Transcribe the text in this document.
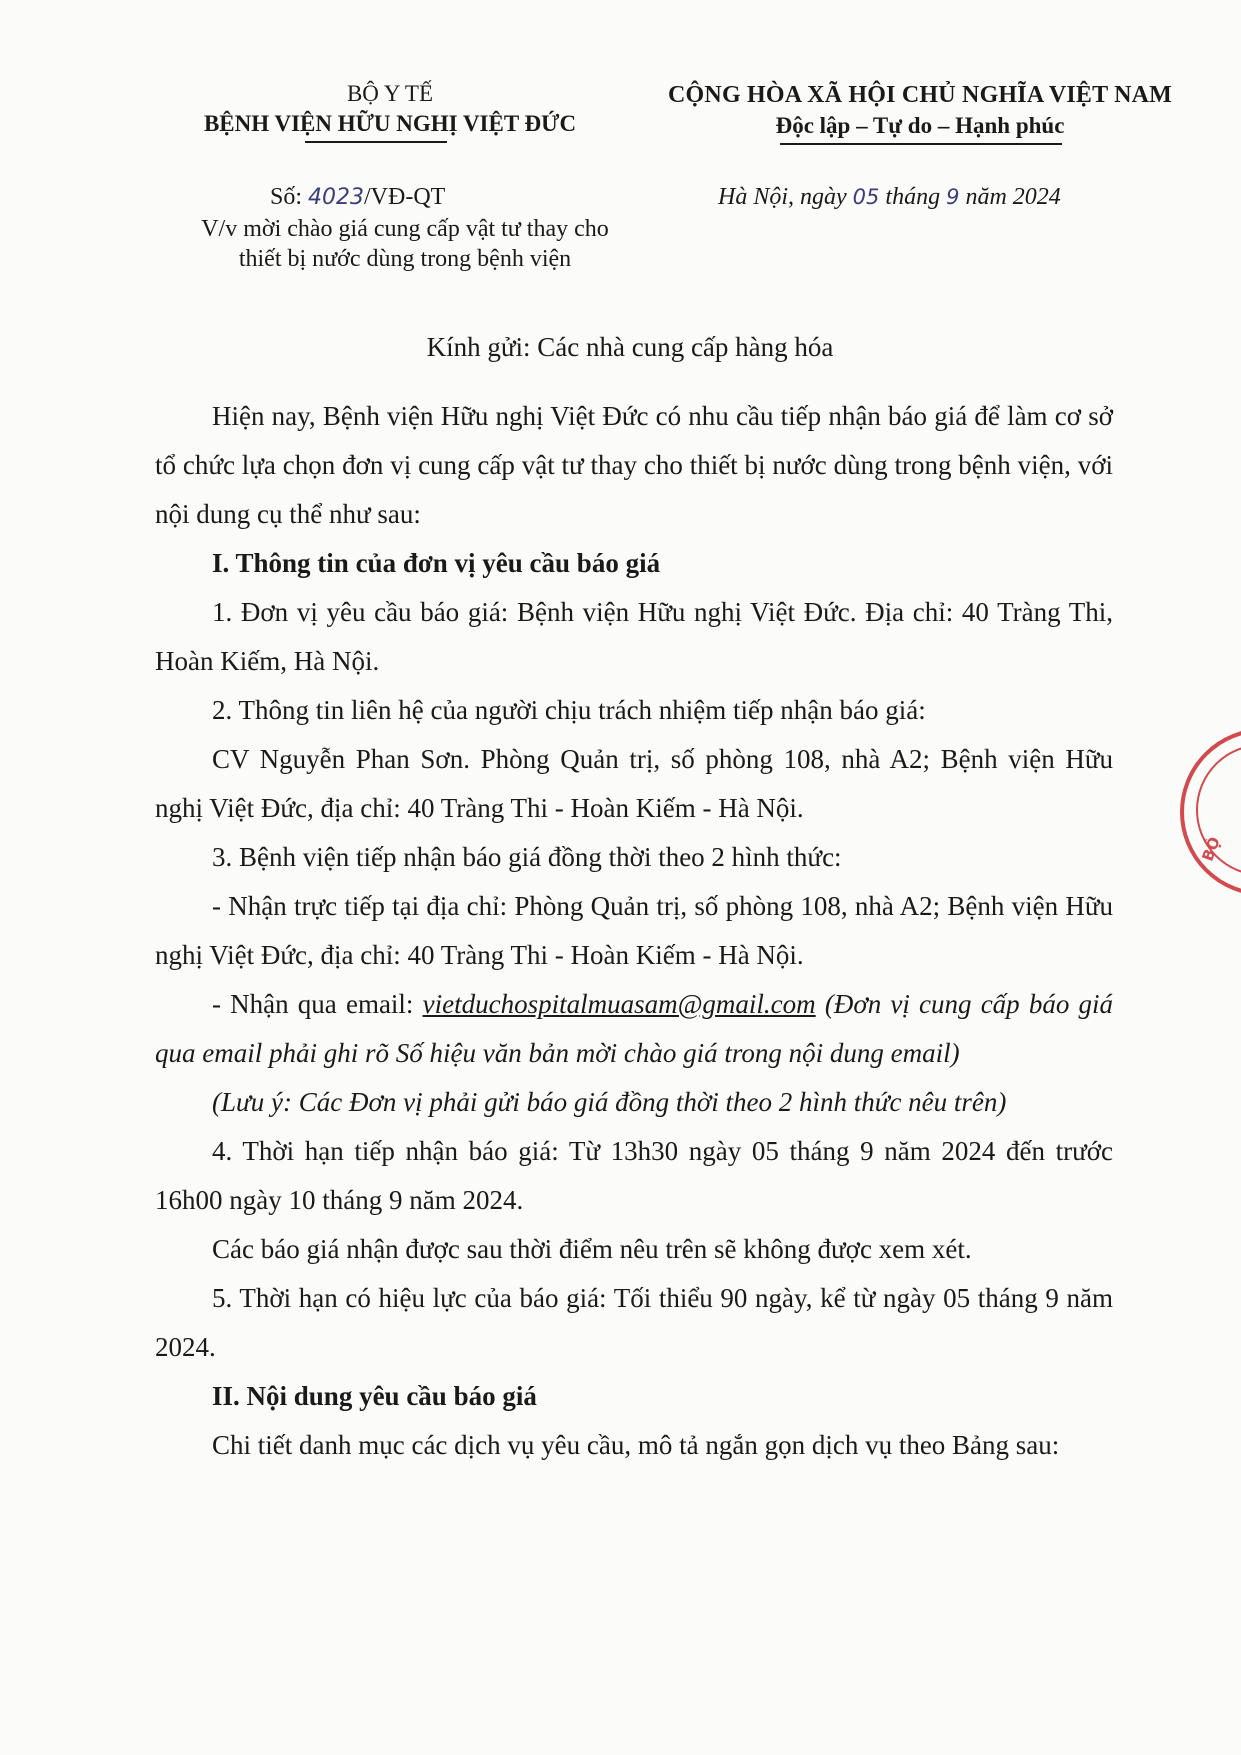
BỘ Y TẾ
BỆNH VIỆN HỮU NGHỊ VIỆT ĐỨC
CỘNG HÒA XÃ HỘI CHỦ NGHĨA VIỆT NAM
Độc lập – Tự do – Hạnh phúc
Số: 4023/VĐ-QT
V/v mời chào giá cung cấp vật tư thay cho
thiết bị nước dùng trong bệnh viện
Hà Nội, ngày 05 tháng 9 năm 2024
Kính gửi: Các nhà cung cấp hàng hóa

Hiện nay, Bệnh viện Hữu nghị Việt Đức có nhu cầu tiếp nhận báo giá để làm cơ sở tổ chức lựa chọn đơn vị cung cấp vật tư thay cho thiết bị nước dùng trong bệnh viện, với nội dung cụ thể như sau:

I. Thông tin của đơn vị yêu cầu báo giá

1. Đơn vị yêu cầu báo giá: Bệnh viện Hữu nghị Việt Đức. Địa chỉ: 40 Tràng Thi, Hoàn Kiếm, Hà Nội.

2. Thông tin liên hệ của người chịu trách nhiệm tiếp nhận báo giá:

CV Nguyễn Phan Sơn. Phòng Quản trị, số phòng 108, nhà A2; Bệnh viện Hữu nghị Việt Đức, địa chỉ: 40 Tràng Thi - Hoàn Kiếm - Hà Nội.

3. Bệnh viện tiếp nhận báo giá đồng thời theo 2 hình thức:

- Nhận trực tiếp tại địa chỉ: Phòng Quản trị, số phòng 108, nhà A2; Bệnh viện Hữu nghị Việt Đức, địa chỉ: 40 Tràng Thi - Hoàn Kiếm - Hà Nội.

- Nhận qua email: vietduchospitalmuasam@gmail.com (Đơn vị cung cấp báo giá qua email phải ghi rõ Số hiệu văn bản mời chào giá trong nội dung email)

(Lưu ý: Các Đơn vị phải gửi báo giá đồng thời theo 2 hình thức nêu trên)

4. Thời hạn tiếp nhận báo giá: Từ 13h30 ngày 05 tháng 9 năm 2024 đến trước 16h00 ngày 10 tháng 9 năm 2024.

Các báo giá nhận được sau thời điểm nêu trên sẽ không được xem xét.

5. Thời hạn có hiệu lực của báo giá: Tối thiểu 90 ngày, kể từ ngày 05 tháng 9 năm 2024.

II. Nội dung yêu cầu báo giá

Chi tiết danh mục các dịch vụ yêu cầu, mô tả ngắn gọn dịch vụ theo Bảng sau:

BỘ
